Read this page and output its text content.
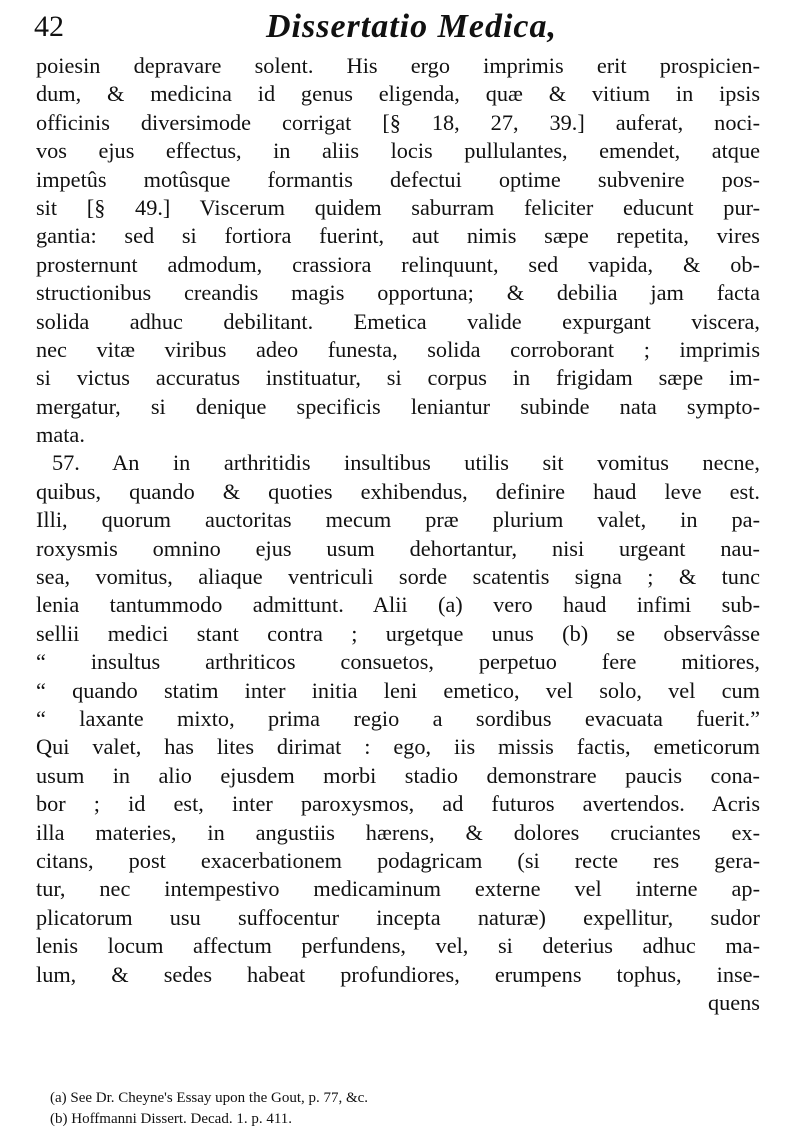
42	Dissertatio Medica,
poiesin depravare solent. His ergo imprimis erit prospicien-
dum, & medicina id genus eligenda, quæ & vitium in ipsis
officinis diversimode corrigat [§ 18, 27, 39.] auferat, noci-
vos ejus effectus, in aliis locis pullulantes, emendet, atque
impetûs motûsque formantis defectui optime subvenire pos-
sit [§ 49.] Viscerum quidem saburram feliciter educunt pur-
gantia: sed si fortiora fuerint, aut nimis sæpe repetita, vires
prosternunt admodum, crassiora relinquunt, sed vapida, & ob-
structionibus creandis magis opportuna; & debilia jam facta
solida adhuc debilitant. Emetica valide expurgant viscera,
nec vitæ viribus adeo funesta, solida corroborant ; imprimis
si victus accuratus instituatur, si corpus in frigidam sæpe im-
mergatur, si denique specificis leniantur subinde nata sympto-
mata.
57. An in arthritidis insultibus utilis sit vomitus necne,
quibus, quando & quoties exhibendus, definire haud leve est.
Illi, quorum auctoritas mecum præ plurium valet, in pa-
roxysmis omnino ejus usum dehortantur, nisi urgeant nau-
sea, vomitus, aliaque ventriculi sorde scatentis signa ; & tunc
lenia tantummodo admittunt. Alii (a) vero haud infimi sub-
sellii medici stant contra ; urgetque unus (b) se observâsse
“ insultus arthriticos consuetos, perpetuo fere mitiores,
“ quando statim inter initia leni emetico, vel solo, vel cum
“ laxante mixto, prima regio a sordibus evacuata fuerit.”
Qui valet, has lites dirimat : ego, iis missis factis, emeticorum
usum in alio ejusdem morbi stadio demonstrare paucis cona-
bor ; id est, inter paroxysmos, ad futuros avertendos. Acris
illa materies, in angustiis hærens, & dolores cruciantes ex-
citans, post exacerbationem podagricam (si recte res gera-
tur, nec intempestivo medicaminum externe vel interne ap-
plicatorum usu suffocentur incepta naturæ) expellitur, sudor
lenis locum affectum perfundens, vel, si deterius adhuc ma-
lum, & sedes habeat profundiores, erumpens tophus, inse-
quens
(a) See Dr. Cheyne's Essay upon the Gout, p. 77, &c.
(b) Hoffmanni Dissert. Decad. 1. p. 411.
